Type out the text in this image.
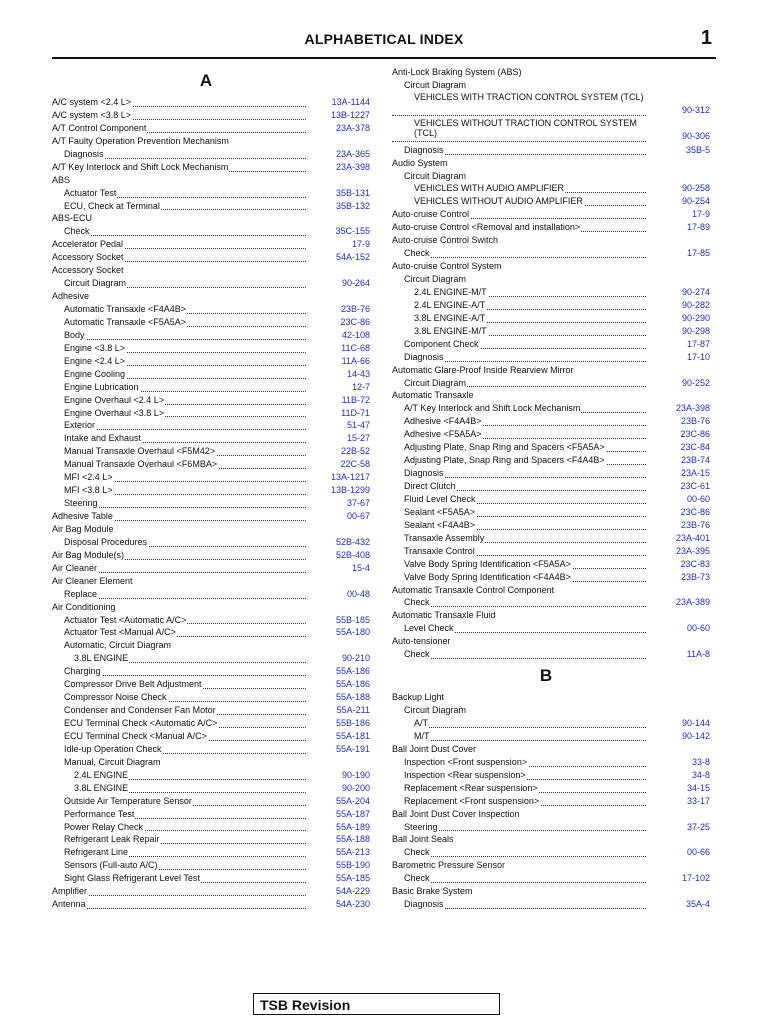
ALPHABETICAL INDEX	1
A
A/C system <2.4 L>	13A-1144
A/C system <3.8 L>	13B-1227
A/T Control Component	23A-378
A/T Faulty Operation Prevention Mechanism
Diagnosis	23A-365
A/T Key Interlock and Shift Lock Mechanism	23A-398
ABS
Actuator Test	35B-131
ECU, Check at Terminal	35B-132
ABS-ECU
Check	35C-155
Accelerator Pedal	17-9
Accessory Socket	54A-152
Accessory Socket
Circuit Diagram	90-264
Adhesive
Automatic Transaxle <F4A4B>	23B-76
Automatic Transaxle <F5A5A>	23C-86
Body	42-108
Engine <3.8 L>	11C-68
Engine <2.4 L>	11A-66
Engine Cooling	14-43
Engine Lubrication	12-7
Engine Overhaul <2.4 L>	11B-72
Engine Overhaul <3.8 L>	11D-71
Exterior	51-47
Intake and Exhaust	15-27
Manual Transaxle Overhaul <F5M42>	22B-52
Manual Transaxle Overhaul <F6MBA>	22C-58
MFI <2.4 L>	13A-1217
MFI <3.8 L>	13B-1299
Steering	37-67
Adhesive Table	00-67
Air Bag Module
Disposal Procedures	52B-432
Air Bag Module(s)	52B-408
Air Cleaner	15-4
Air Cleaner Element
Replace	00-48
Air Conditioning
Actuator Test <Automatic A/C>	55B-185
Actuator Test <Manual A/C>	55A-180
Automatic, Circuit Diagram
3.8L ENGINE	90-210
Charging	55A-186
Compressor Drive Belt Adjustment	55A-186
Compressor Noise Check	55A-188
Condenser and Condenser Fan Motor	55A-211
ECU Terminal Check <Automatic A/C>	55B-186
ECU Terminal Check <Manual A/C>	55A-181
Idle-up Operation Check	55A-191
Manual, Circuit Diagram
2.4L ENGINE	90-190
3.8L ENGINE	90-200
Outside Air Temperature Sensor	55A-204
Performance Test	55A-187
Power Relay Check	55A-189
Refrigerant Leak Repair	55A-188
Refrigerant Line	55A-213
Sensors (Full-auto A/C)	55B-190
Sight Glass Refrigerant Level Test	55A-185
Amplifier	54A-229
Antenna	54A-230
Anti-Lock Braking System (ABS)
Circuit Diagram
VEHICLES WITH TRACTION CONTROL SYSTEM (TCL)
90-312
VEHICLES WITHOUT TRACTION CONTROL SYSTEM (TCL)	90-306
Diagnosis	35B-5
Audio System
Circuit Diagram
VEHICLES WITH AUDIO AMPLIFIER	90-258
VEHICLES WITHOUT AUDIO AMPLIFIER	90-254
Auto-cruise Control	17-9
Auto-cruise Control <Removal and installation>	17-89
Auto-cruise Control Switch
Check	17-85
Auto-cruise Control System
Circuit Diagram
2.4L ENGINE-M/T	90-274
2.4L ENGINE-A/T	90-282
3.8L ENGINE-A/T	90-290
3.8L ENGINE-M/T	90-298
Component Check	17-87
Diagnosis	17-10
Automatic Glare-Proof Inside Rearview Mirror
Circuit Diagram	90-252
Automatic Transaxle
A/T Key Interlock and Shift Lock Mechanism	23A-398
Adhesive <F4A4B>	23B-76
Adhesive <F5A5A>	23C-86
Adjusting Plate, Snap Ring and Spacers <F5A5A>	23C-84
Adjusting Plate, Snap Ring and Spacers <F4A4B>	23B-74
Diagnosis	23A-15
Direct Clutch	23C-61
Fluid Level Check	00-60
Sealant <F5A5A>	23C-86
Sealant <F4A4B>	23B-76
Transaxle Assembly	23A-401
Transaxle Control	23A-395
Valve Body Spring Identification <F5A5A>	23C-83
Valve Body Spring Identification <F4A4B>	23B-73
Automatic Transaxle Control Component
Check	23A-389
Automatic Transaxle Fluid
Level Check	00-60
Auto-tensioner
Check	11A-8
B
Backup Light
Circuit Diagram
A/T	90-144
M/T	90-142
Ball Joint Dust Cover
Inspection <Front suspension>	33-8
Inspection <Rear suspension>	34-8
Replacement <Rear suspension>	34-15
Replacement <Front suspension>	33-17
Ball Joint Dust Cover Inspection
Steering	37-25
Ball Joint Seals
Check	00-66
Barometric Pressure Sensor
Check	17-102
Basic Brake System
Diagnosis	35A-4
TSB Revision
